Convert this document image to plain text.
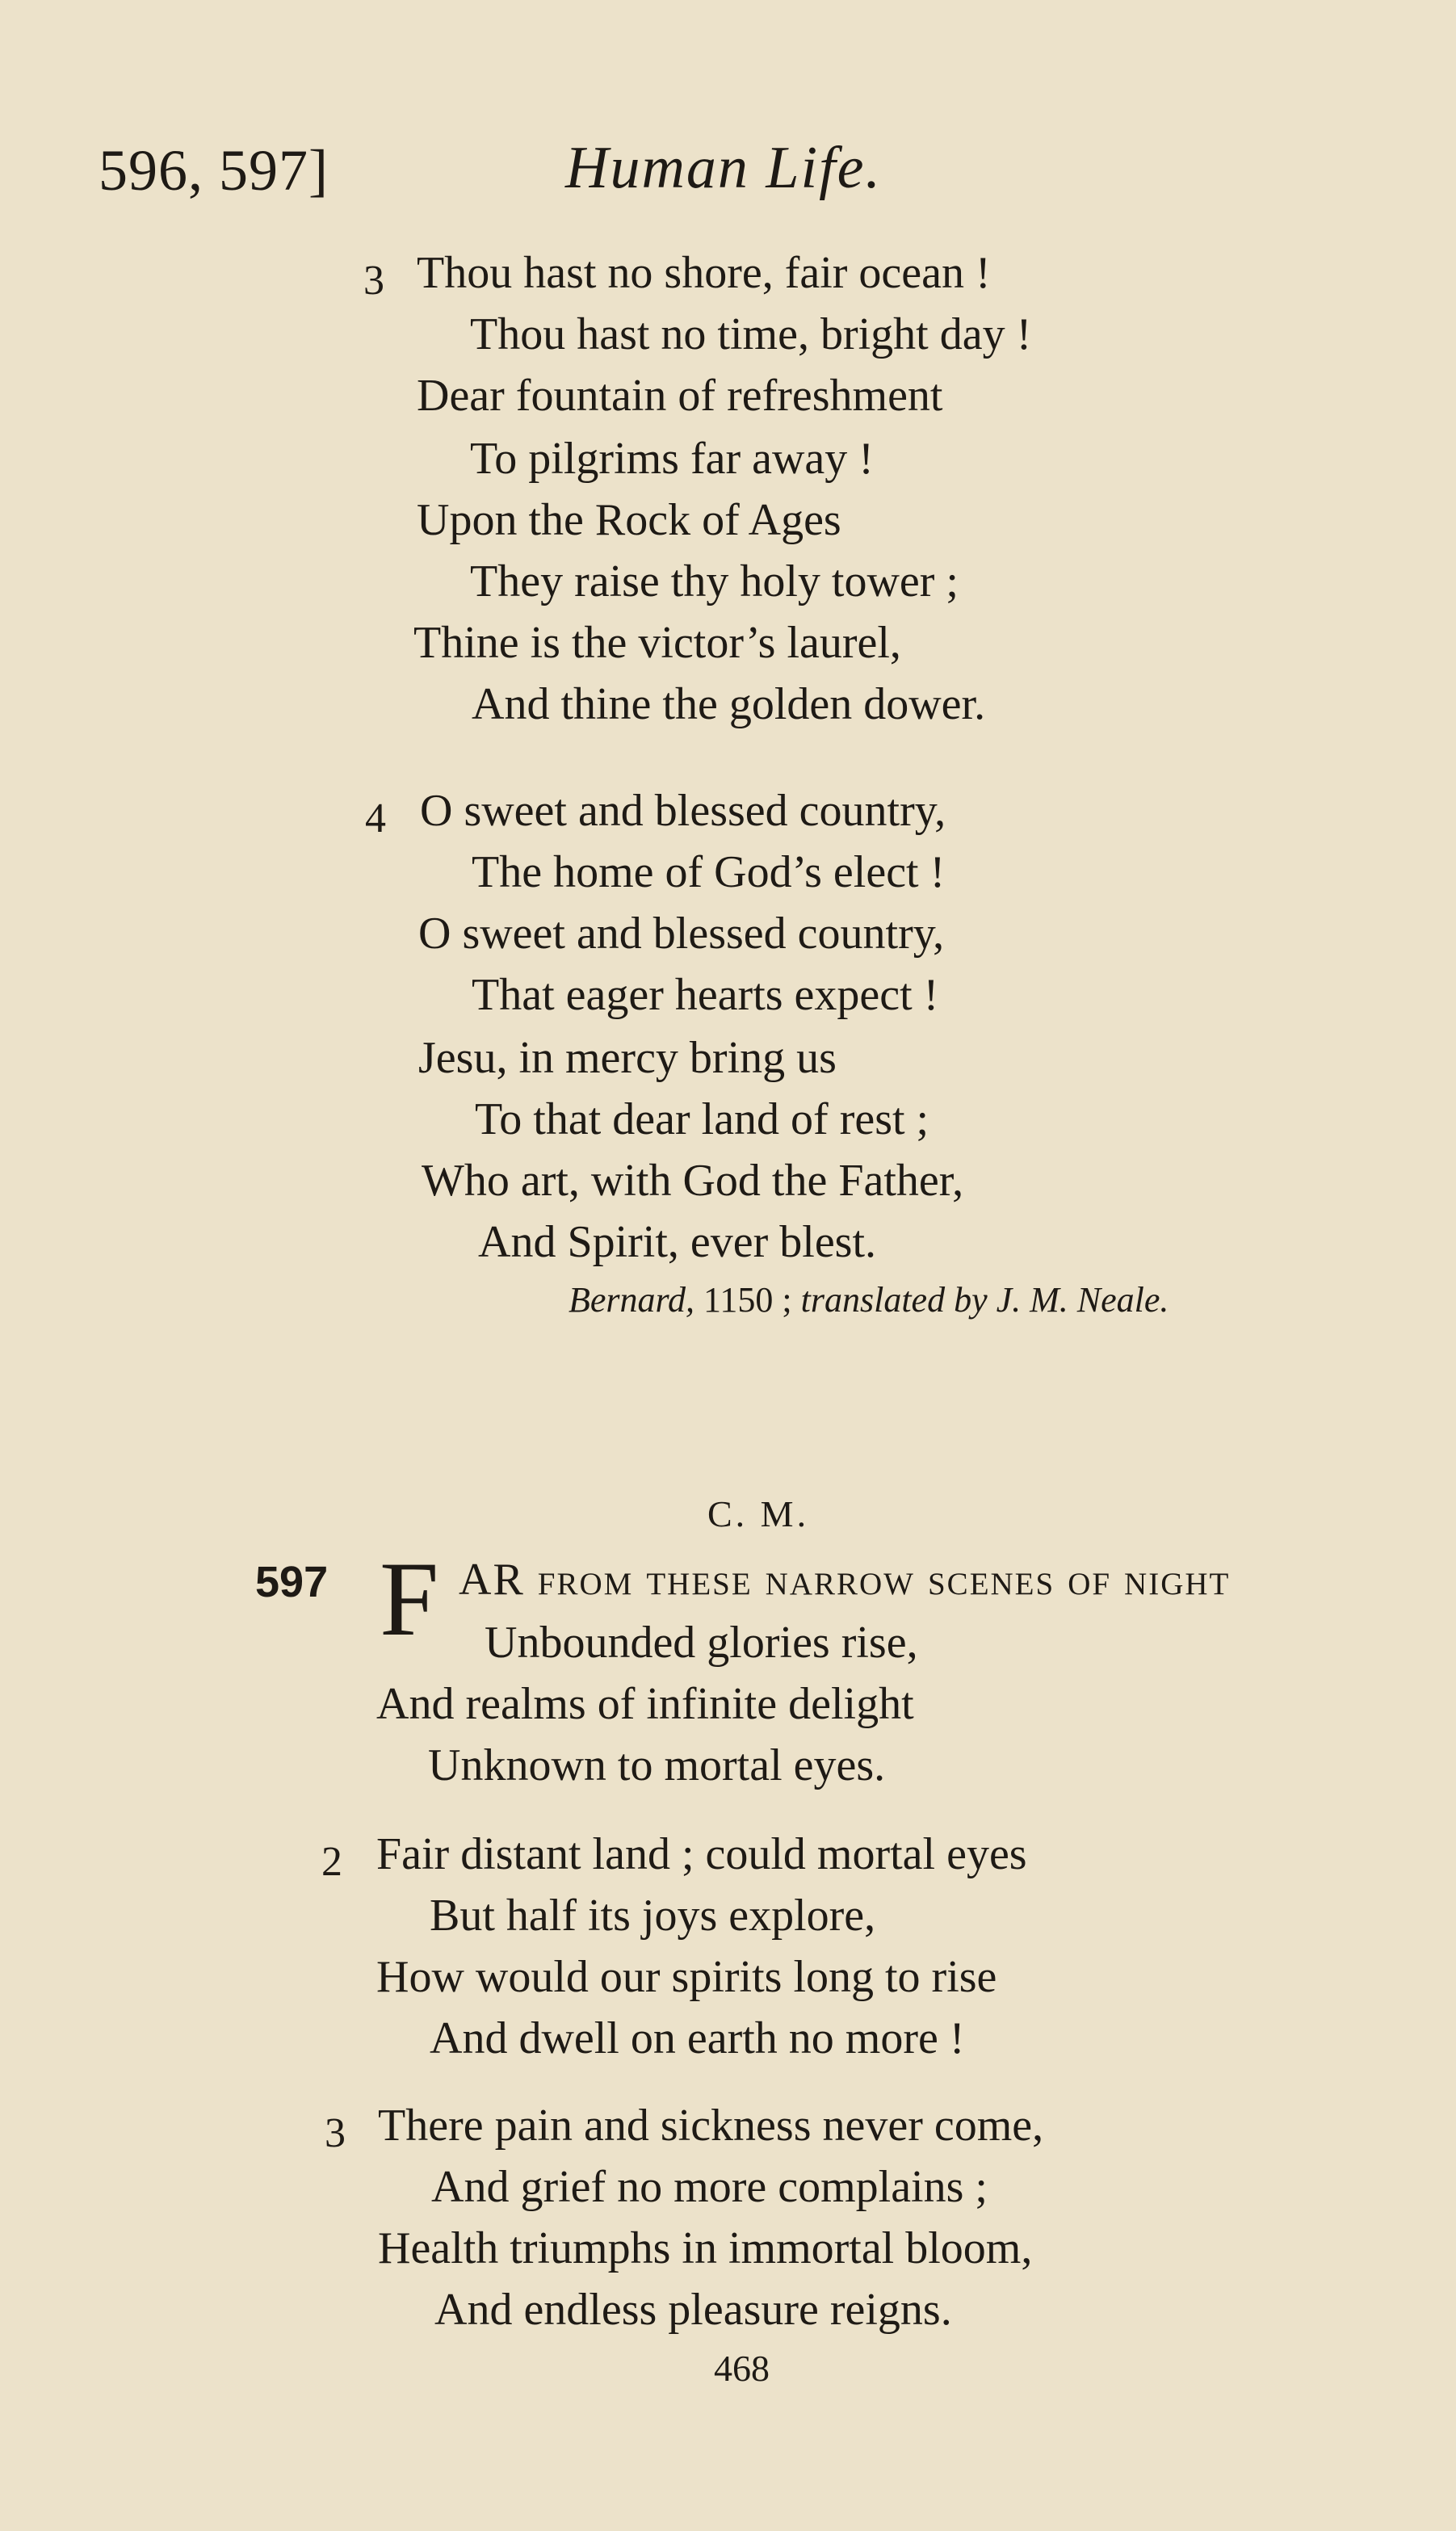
596, 597]	Human Life.
3 Thou hast no shore, fair ocean !
Thou hast no time, bright day !
Dear fountain of refreshment
To pilgrims far away !
Upon the Rock of Ages
They raise thy holy tower ;
Thine is the victor’s laurel,
And thine the golden dower.
4 O sweet and blessed country,
The home of God’s elect !
O sweet and blessed country,
That eager hearts expect !
Jesu, in mercy bring us
To that dear land of rest ;
Who art, with God the Father,
And Spirit, ever blest.
Bernard, 1150 ; translated by J. M. Neale.
C. M.
597 F AR from these narrow scenes of night
Unbounded glories rise,
And realms of infinite delight
Unknown to mortal eyes.
2 Fair distant land ; could mortal eyes
But half its joys explore,
How would our spirits long to rise
And dwell on earth no more !
3 There pain and sickness never come,
And grief no more complains ;
Health triumphs in immortal bloom,
And endless pleasure reigns.
468
